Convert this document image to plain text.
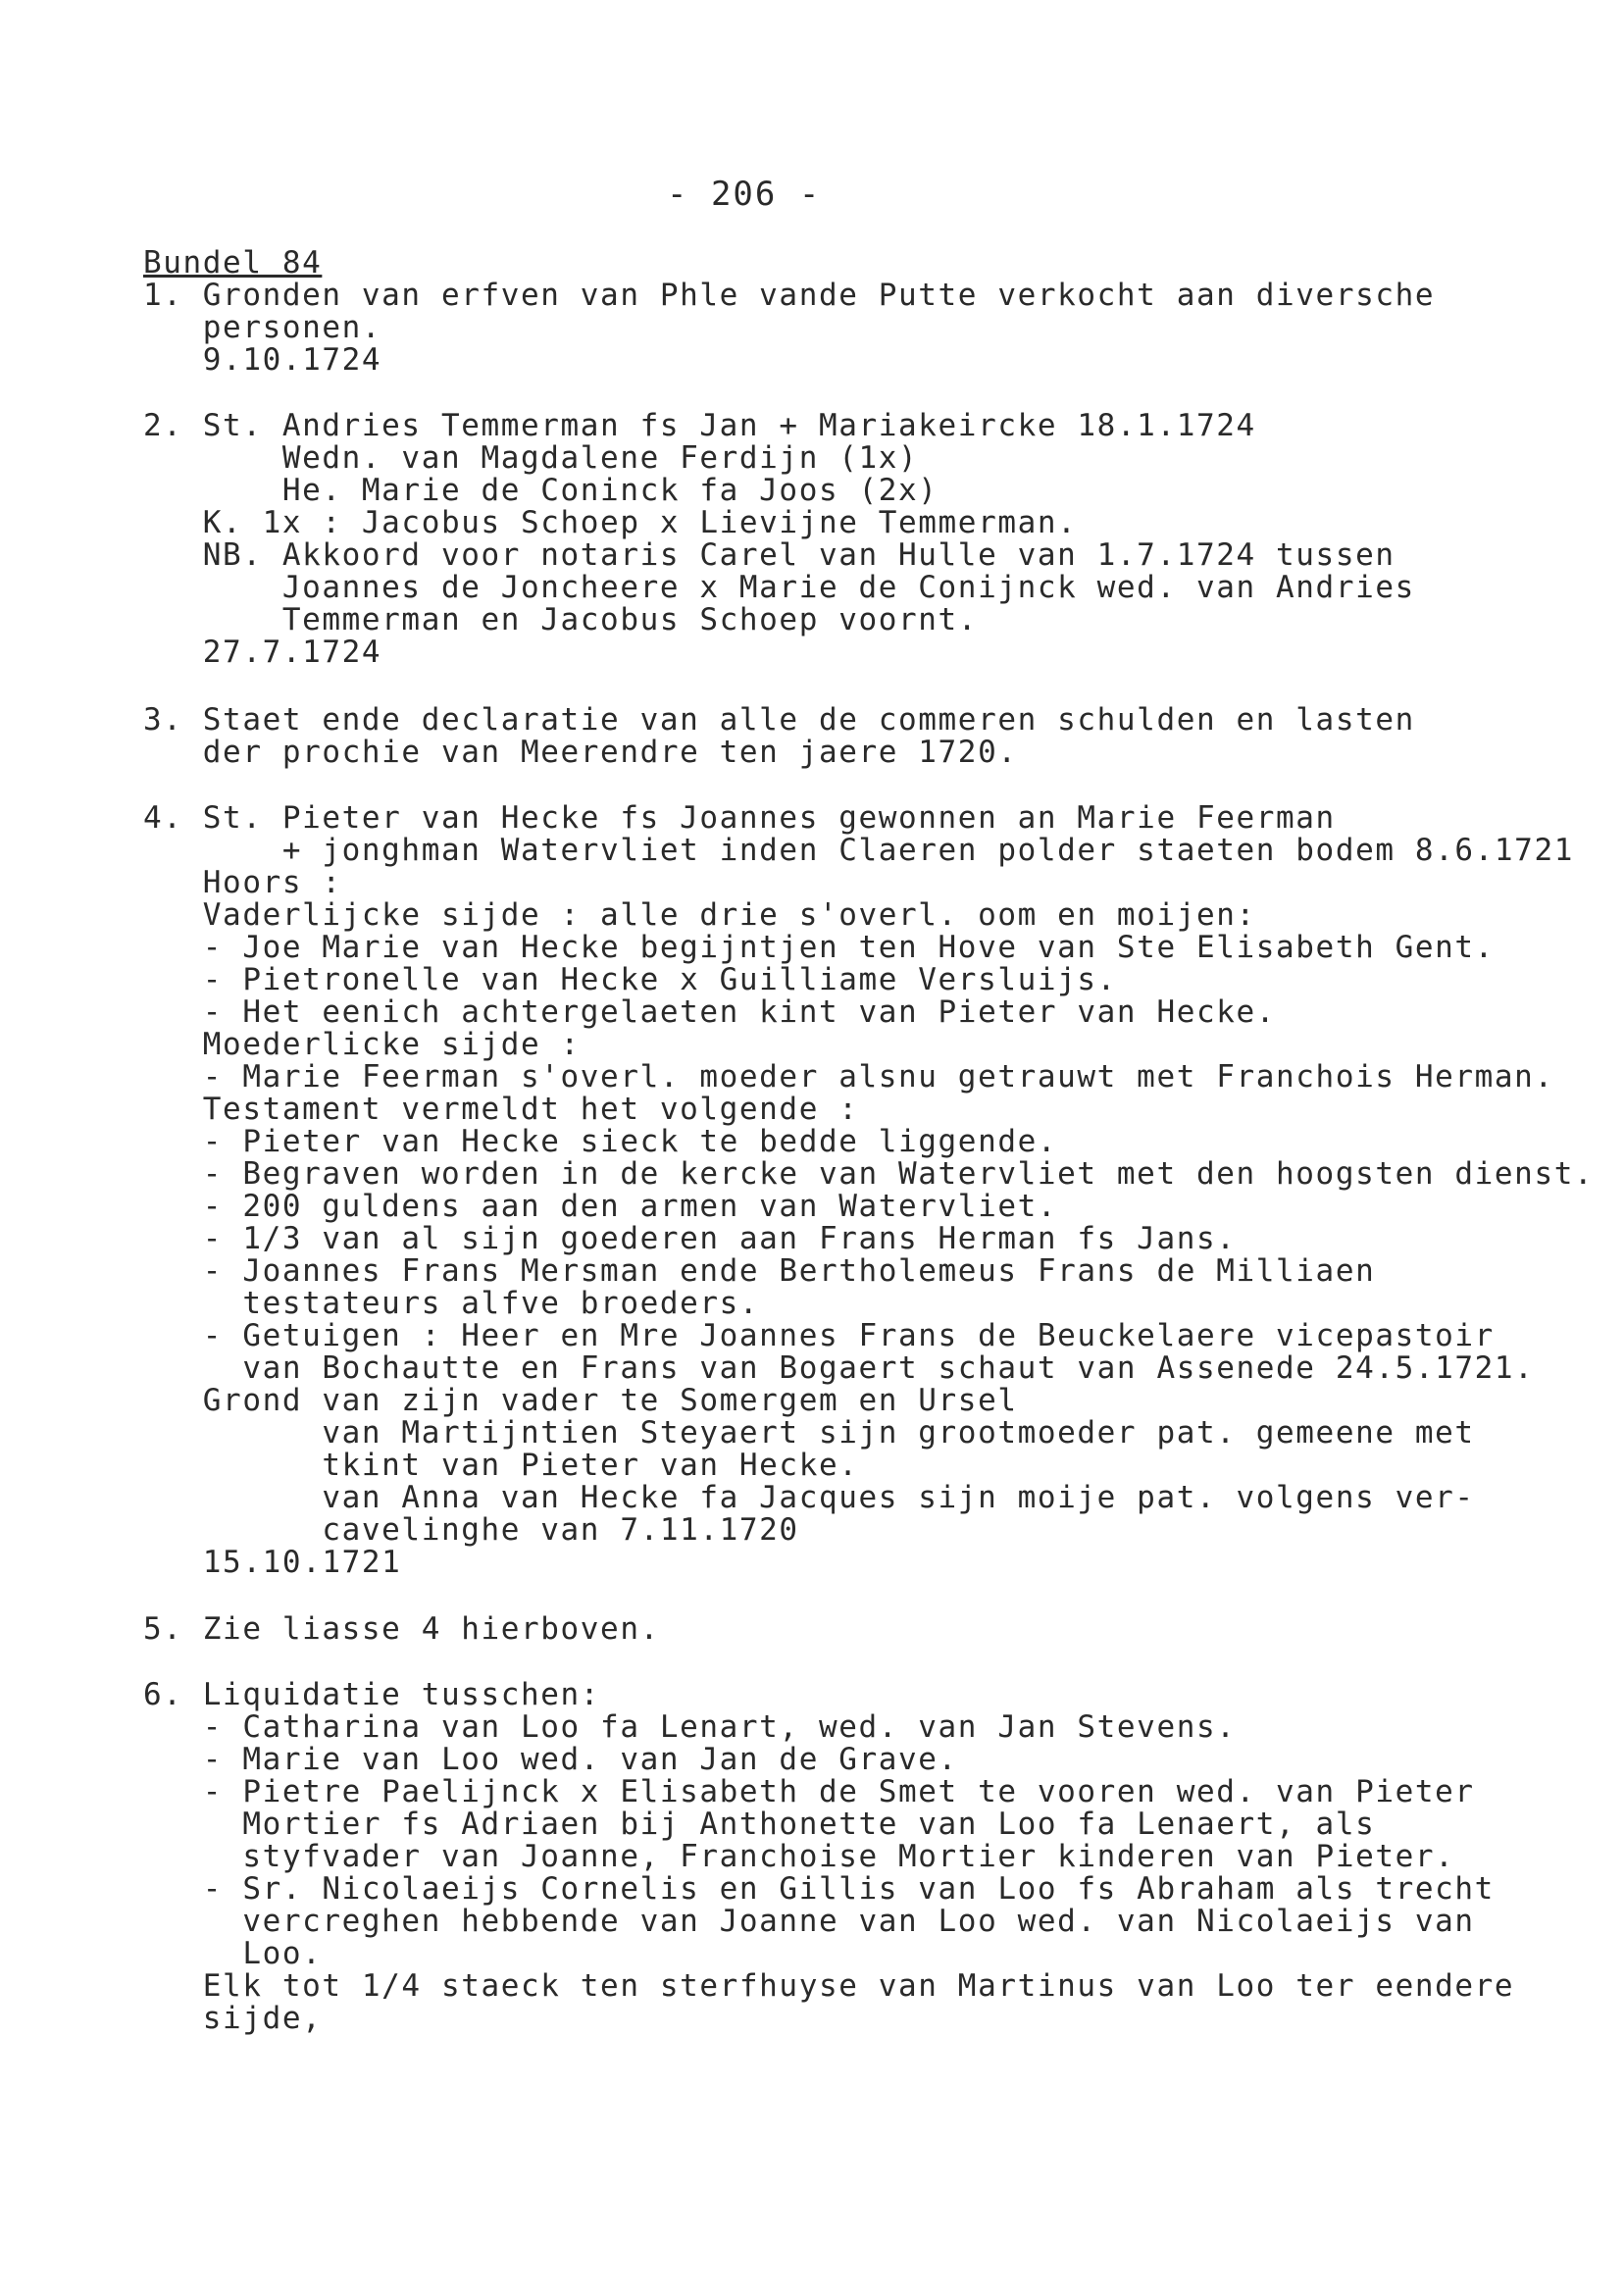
- 206 -
Bundel 84
1. Gronden van erfven van Phle vande Putte verkocht aan diversche
personen.
9.10.1724
2. St. Andries Temmerman fs Jan + Mariakeircke 18.1.1724
Wedn. van Magdalene Ferdijn (1x)
He. Marie de Coninck fa Joos (2x)
K. 1x : Jacobus Schoep x Lievijne Temmerman.
NB. Akkoord voor notaris Carel van Hulle van 1.7.1724 tussen
Joannes de Joncheere x Marie de Conijnck wed. van Andries
Temmerman en Jacobus Schoep voornt.
27.7.1724
3. Staet ende declaratie van alle de commeren schulden en lasten
der prochie van Meerendre ten jaere 1720.
4. St. Pieter van Hecke fs Joannes gewonnen an Marie Feerman
+ jonghman Watervliet inden Claeren polder staeten bodem 8.6.1721
Hoors :
Vaderlijcke sijde : alle drie s'overl. oom en moijen:
- Joe Marie van Hecke begijntjen ten Hove van Ste Elisabeth Gent.
- Pietronelle van Hecke x Guilliame Versluijs.
- Het eenich achtergelaeten kint van Pieter van Hecke.
Moederlicke sijde :
- Marie Feerman s'overl. moeder alsnu getrauwt met Franchois Herman.
Testament vermeldt het volgende :
- Pieter van Hecke sieck te bedde liggende.
- Begraven worden in de kercke van Watervliet met den hoogsten dienst.
- 200 guldens aan den armen van Watervliet.
- 1/3 van al sijn goederen aan Frans Herman fs Jans.
- Joannes Frans Mersman ende Bertholemeus Frans de Milliaen
testateurs alfve broeders.
- Getuigen : Heer en Mre Joannes Frans de Beuckelaere vicepastoir
van Bochautte en Frans van Bogaert schaut van Assenede 24.5.1721.
Grond van zijn vader te Somergem en Ursel
van Martijntien Steyaert sijn grootmoeder pat. gemeene met
tkint van Pieter van Hecke.
van Anna van Hecke fa Jacques sijn moije pat. volgens ver-
cavelinghe van 7.11.1720
15.10.1721
5. Zie liasse 4 hierboven.
6. Liquidatie tusschen:
- Catharina van Loo fa Lenart, wed. van Jan Stevens.
- Marie van Loo wed. van Jan de Grave.
- Pietre Paelijnck x Elisabeth de Smet te vooren wed. van Pieter
Mortier fs Adriaen bij Anthonette van Loo fa Lenaert, als
styfvader van Joanne, Franchoise Mortier kinderen van Pieter.
- Sr. Nicolaeijs Cornelis en Gillis van Loo fs Abraham als trecht
vercreghen hebbende van Joanne van Loo wed. van Nicolaeijs van
Loo.
Elk tot 1/4 staeck ten sterfhuyse van Martinus van Loo ter eendere
sijde,
